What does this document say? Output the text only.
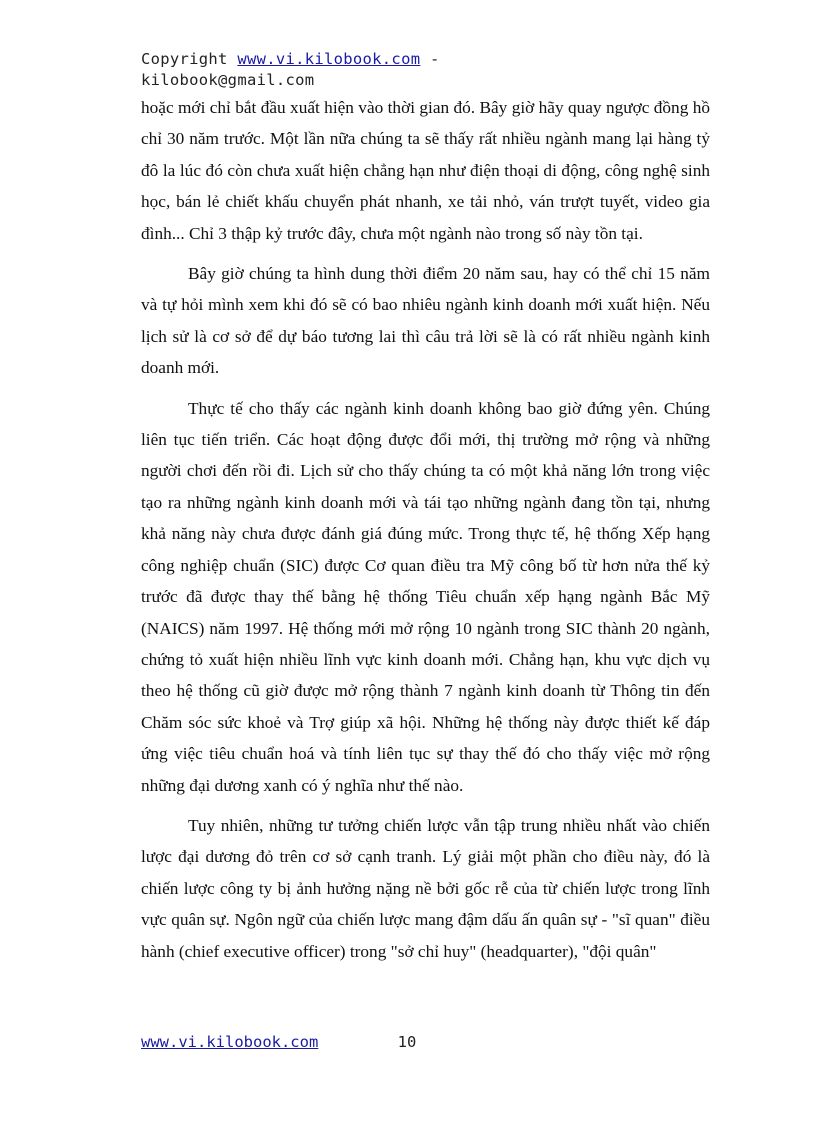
Copyright www.vi.kilobook.com -
kilobook@gmail.com

hoặc mới chỉ bắt đầu xuất hiện vào thời gian đó. Bây giờ hãy quay ngược đồng hồ chỉ 30 năm trước. Một lần nữa chúng ta sẽ thấy rất nhiều ngành mang lại hàng tỷ đô la lúc đó còn chưa xuất hiện chẳng hạn như điện thoại di động, công nghệ sinh học, bán lẻ chiết khấu chuyển phát nhanh, xe tải nhỏ, ván trượt tuyết, video gia đình... Chỉ 3 thập kỷ trước đây, chưa một ngành nào trong số này tồn tại.

Bây giờ chúng ta hình dung thời điểm 20 năm sau, hay có thể chỉ 15 năm và tự hỏi mình xem khi đó sẽ có bao nhiêu ngành kinh doanh mới xuất hiện. Nếu lịch sử là cơ sở để dự báo tương lai thì câu trả lời sẽ là có rất nhiều ngành kinh doanh mới.

Thực tế cho thấy các ngành kinh doanh không bao giờ đứng yên. Chúng liên tục tiến triển. Các hoạt động được đổi mới, thị trường mở rộng và những người chơi đến rồi đi. Lịch sử cho thấy chúng ta có một khả năng lớn trong việc tạo ra những ngành kinh doanh mới và tái tạo những ngành đang tồn tại, nhưng khả năng này chưa được đánh giá đúng mức. Trong thực tế, hệ thống Xếp hạng công nghiệp chuẩn (SIC) được Cơ quan điều tra Mỹ công bố từ hơn nửa thế kỷ trước đã được thay thế bằng hệ thống Tiêu chuẩn xếp hạng ngành Bắc Mỹ (NAICS) năm 1997. Hệ thống mới mở rộng 10 ngành trong SIC thành 20 ngành, chứng tỏ xuất hiện nhiều lĩnh vực kinh doanh mới. Chẳng hạn, khu vực dịch vụ theo hệ thống cũ giờ được mở rộng thành 7 ngành kinh doanh từ Thông tin đến Chăm sóc sức khoẻ và Trợ giúp xã hội. Những hệ thống này được thiết kế đáp ứng việc tiêu chuẩn hoá và tính liên tục sự thay thế đó cho thấy việc mở rộng những đại dương xanh có ý nghĩa như thế nào.

Tuy nhiên, những tư tưởng chiến lược vẫn tập trung nhiều nhất vào chiến lược đại dương đỏ trên cơ sở cạnh tranh. Lý giải một phần cho điều này, đó là chiến lược công ty bị ảnh hưởng nặng nề bởi gốc rễ của từ chiến lược trong lĩnh vực quân sự. Ngôn ngữ của chiến lược mang đậm dấu ấn quân sự - "sĩ quan" điều hành (chief executive officer) trong "sở chỉ huy" (headquarter), "đội quân"

www.vi.kilobook.com	10
